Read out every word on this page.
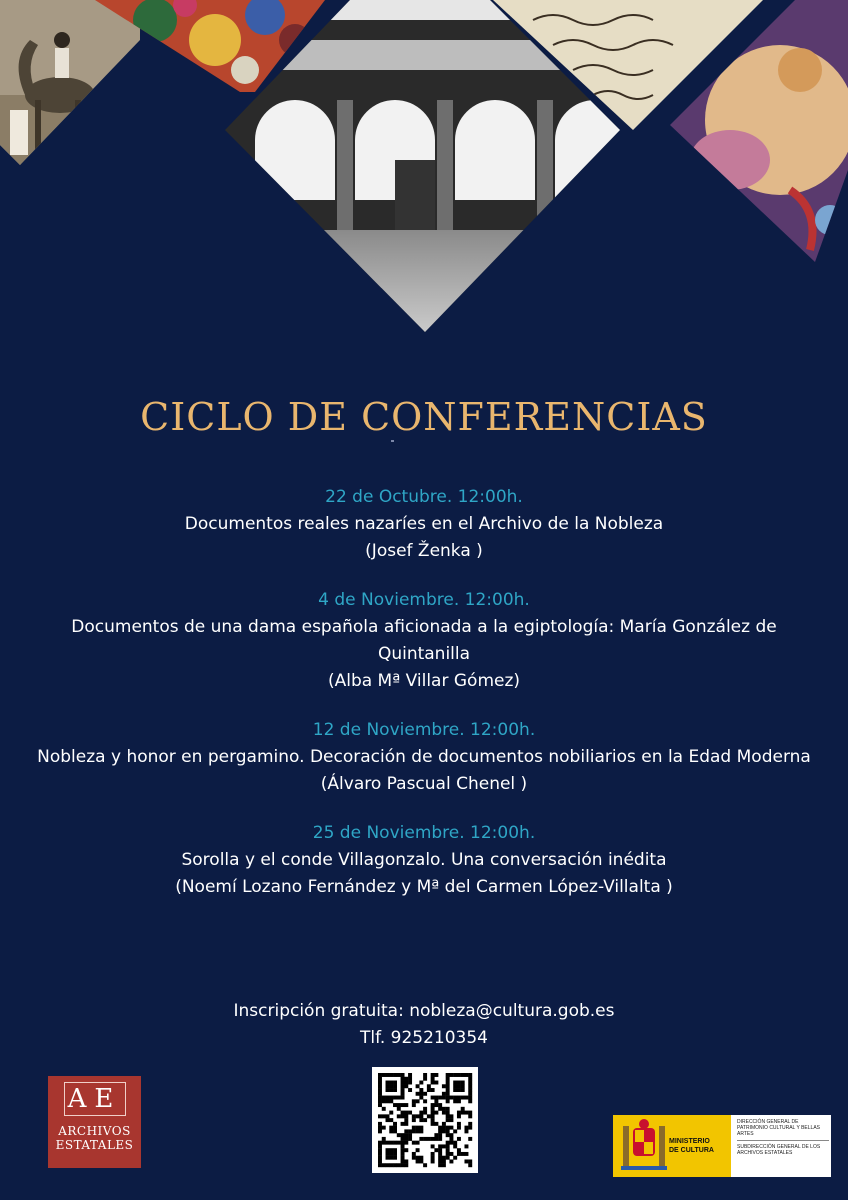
CICLO DE CONFERENCIAS
22 de Octubre. 12:00h.
Documentos reales nazaríes en el Archivo de la Nobleza
(Josef Ženka )
4 de Noviembre. 12:00h.
Documentos de una dama española aficionada a la egiptología: María González de Quintanilla
(Alba Mª Villar Gómez)
12 de Noviembre. 12:00h.
Nobleza y honor en pergamino. Decoración de documentos nobiliarios en la Edad Moderna
(Álvaro Pascual Chenel )
25 de Noviembre. 12:00h.
Sorolla y el conde Villagonzalo. Una conversación inédita
(Noemí Lozano Fernández y Mª del Carmen López-Villalta )
Inscripción gratuita: nobleza@cultura.gob.es
Tlf. 925210354
AE
ARCHIVOS
ESTATALES	MINISTERIO
DE CULTURA
DIRECCIÓN GENERAL DE PATRIMONIO CULTURAL Y BELLAS ARTES
SUBDIRECCIÓN GENERAL DE LOS ARCHIVOS ESTATALES
